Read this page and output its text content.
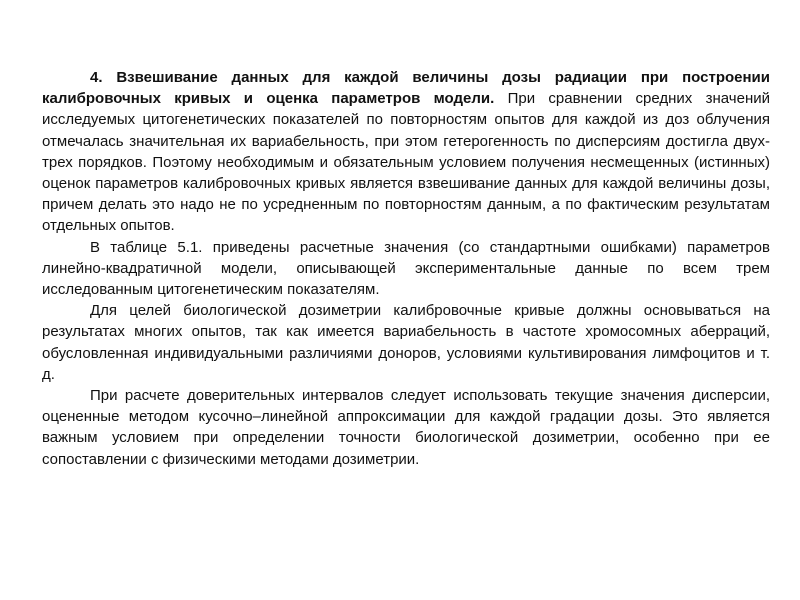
4. Взвешивание данных для каждой величины дозы радиации при построении калибровочных кривых и оценка параметров модели. При сравнении средних значений исследуемых цитогенетических показателей по повторностям опытов для каждой из доз облучения отмечалась значительная их вариабельность, при этом гетерогенность по дисперсиям достигла двух-трех порядков. Поэтому необходимым и обязательным условием получения несмещенных (истинных) оценок параметров калибровочных кривых является взвешивание данных для каждой величины дозы, причем делать это надо не по усредненным по повторностям данным, а по фактическим результатам отдельных опытов.

В таблице 5.1. приведены расчетные значения (со стандартными ошибками) параметров линейно-квадратичной модели, описывающей экспериментальные данные по всем трем исследованным цитогенетическим показателям.

Для целей биологической дозиметрии калибровочные кривые должны основываться на результатах многих опытов, так как имеется вариабельность в частоте хромосомных аберраций, обусловленная индивидуальными различиями доноров, условиями культивирования лимфоцитов и т. д.

При расчете доверительных интервалов следует использовать текущие значения дисперсии, оцененные методом кусочно–линейной аппроксимации для каждой градации дозы. Это является важным условием при определении точности биологической дозиметрии, особенно при ее сопоставлении с физическими методами дозиметрии.
